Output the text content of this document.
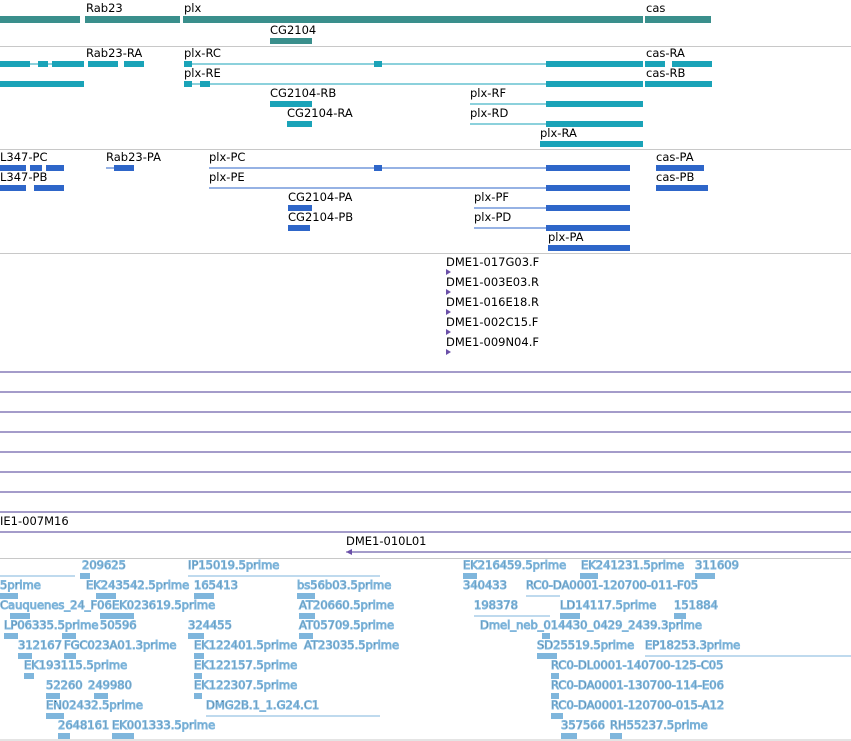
Rab23	plx	cas
CG2104
Rab23-RA	plx-RC	cas-RA
plx-RE	cas-RB
CG2104-RB	plx-RF
CG2104-RA	plx-RD
plx-RA
L347-PC	Rab23-PA	plx-PC	cas-PA
L347-PB	plx-PE	cas-PB
CG2104-PA	plx-PF
CG2104-PB	plx-PD
plx-PA
DME1-017G03.F
DME1-003E03.R
DME1-016E18.R
DME1-002C15.F
DME1-009N04.F
IE1-007M16
DME1-010L01
5prime
209625	IP15019.5prime	EK216459.5prime EK241231.5prime 311609
EK243542.5prime 165413	bs56b03.5prime	340433 RC0-DA0001-120700-011-F05
Cauquenes_24_F06 EK023619.5prime	AT20660.5prime	198378	LD14117.5prime 151884
LP06335.5prime 50596	324455	AT05709.5prime	Dmel_neb_014430_0429_2439.3prime
312167 FGC023A01.3prime EK122401.5prime AT23035.5prime	SD25519.5prime EP18253.3prime
EK193115.5prime	EK122157.5prime	RC0-DL0001-140700-125-C05
52260 249980	EK122307.5prime	RC0-DA0001-130700-114-E06
EN02432.5prime	DMG2B.1_1.G24.C1	RC0-DA0001-120700-015-A12
2648161 EK001333.5prime	357566 RH55237.5prime
